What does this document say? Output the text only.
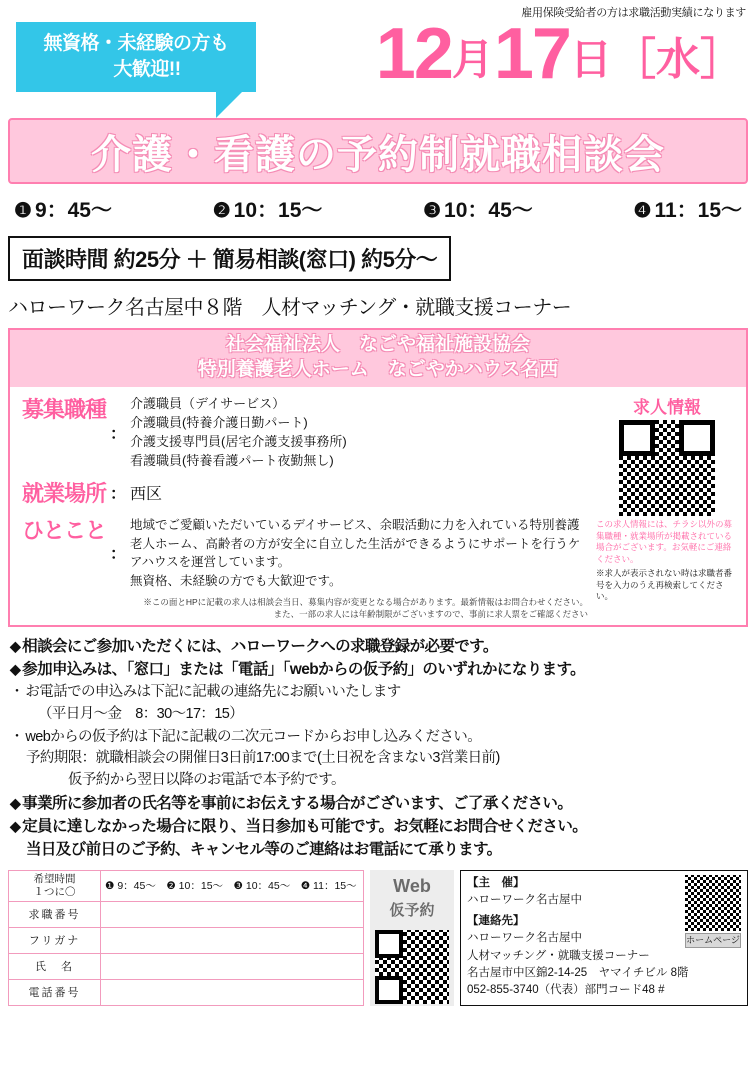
雇用保険受給者の方は求職活動実績になります
無資格・未経験の方も
大歓迎!!	12月17日［水］
介護・看護の予約制就職相談会
❶ 9：45〜	❷ 10：15〜	❸ 10：45〜	❹ 11：15〜
面談時間 約25分 ＋ 簡易相談(窓口) 約5分〜
ハローワーク名古屋中８階　人材マッチング・就職支援コーナー
社会福祉法人　なごや福祉施設協会
特別養護老人ホーム　なごやかハウス名西
募集職種
：
介護職員（デイサービス）
介護職員(特養介護日勤パート)
介護支援専門員(居宅介護支援事務所)
看護職員(特養看護パート夜勤無し)
就業場所 ： 西区
ひとこと
：
地域でご愛顧いただいているデイサービス、余暇活動に力を入れている特別養護老人ホーム、高齢者の方が安全に自立した生活ができるようにサポートを行うケアハウスを運営しています。
無資格、未経験の方でも大歓迎です。
※この面とHPに記載の求人は相談会当日、募集内容が変更となる場合があります。最新情報はお問合わせください。
また、一部の求人には年齢制限がございますので、事前に求人票をご確認ください
求人情報
この求人情報には、チラシ以外の募集職種・就業場所が掲載されている場合がございます。お気軽にご連絡ください。
※求人が表示されない時は求職者番号を入力のうえ再検索してください。
◆ 相談会にご参加いただくには、ハローワークへの求職登録が必要です。
◆ 参加申込みは、「窓口」または「電話」「webからの仮予約」のいずれかになります。
・ お電話での申込みは下記に記載の連絡先にお願いいたします
（平日月〜金　8：30〜17：15）
・ webからの仮予約は下記に記載の二次元コードからお申し込みください。
予約期限：就職相談会の開催日3日前17:00まで(土日祝を含まない3営業日前)
仮予約から翌日以降のお電話で本予約です。
◆ 事業所に参加者の氏名等を事前にお伝えする場合がございます、ご了承ください。
◆ 定員に達しなかった場合に限り、当日参加も可能です。お気軽にお問合せください。
当日及び前日のご予約、キャンセル等のご連絡はお電話にて承ります。
希望時間
１つに〇	❶ 9：45〜　❷ 10：15〜　❸ 10：45〜　❹ 11：15〜
求職番号	
フリガナ	
氏　名	
電話番号	
Web
仮予約
【主　催】
ハローワーク名古屋中
【連絡先】
ハローワーク名古屋中
人材マッチング・就職支援コーナー
名古屋市中区錦2-14-25　ヤマイチビル 8階
052-855-3740（代表）部門コード48 #
ホームページ
